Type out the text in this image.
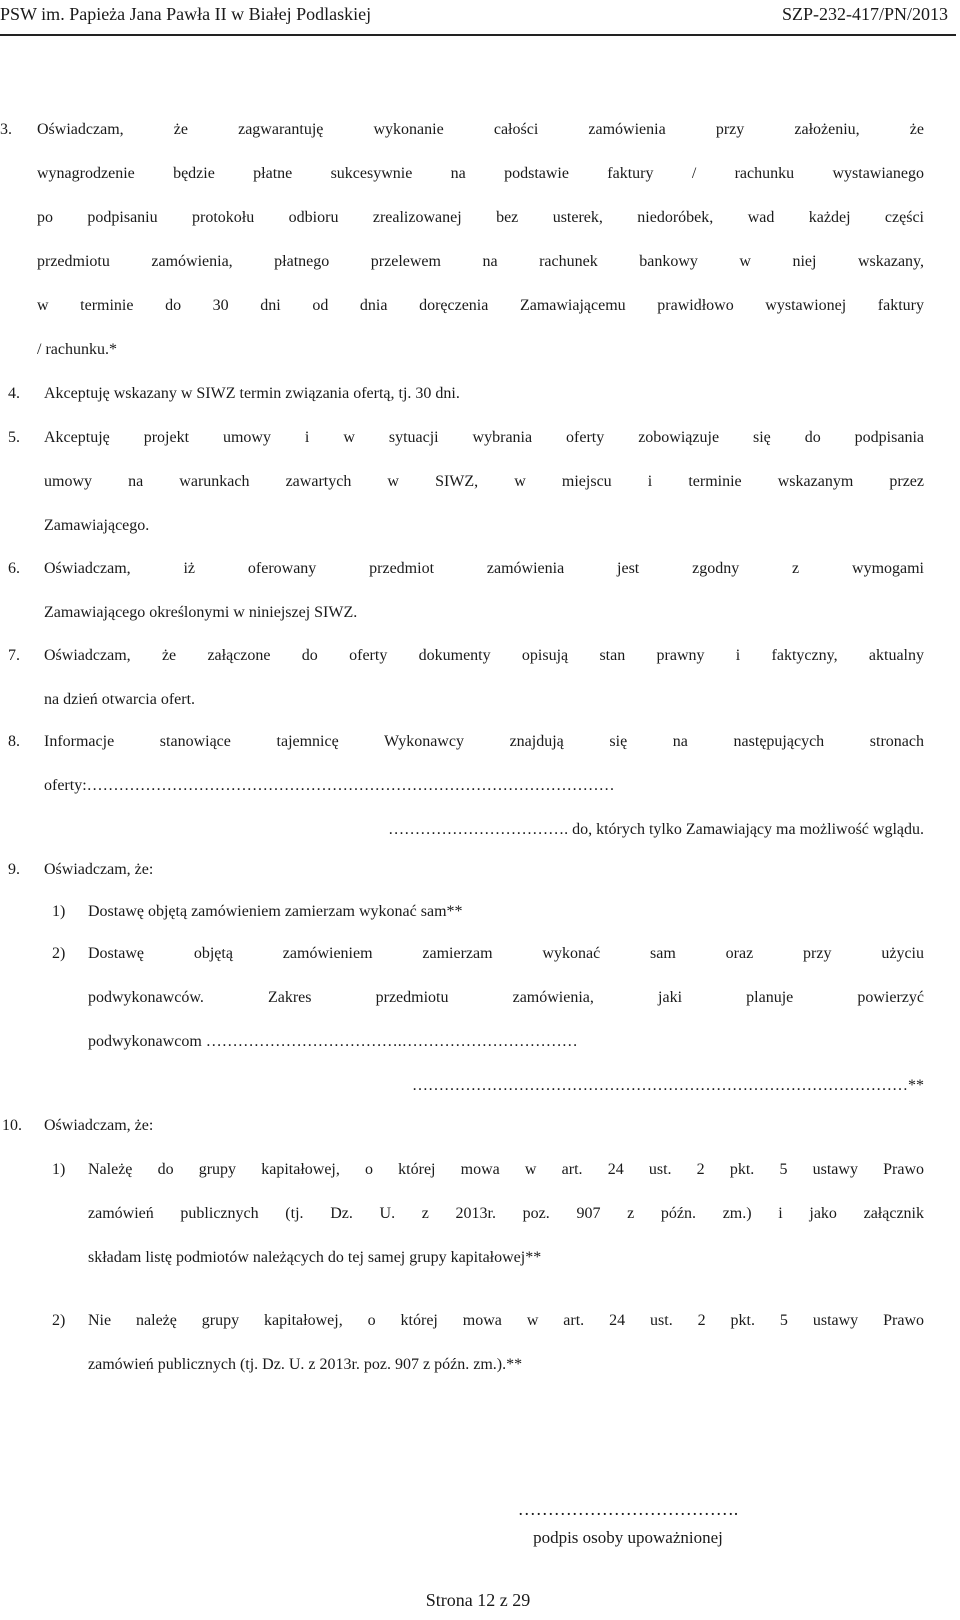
PSW im. Papieża Jana Pawła II w Białej Podlaskiej	SZP-232-417/PN/2013
3. Oświadczam, że zagwarantuję wykonanie całości zamówienia przy założeniu, że
wynagrodzenie będzie płatne sukcesywnie na podstawie faktury / rachunku wystawianego
po podpisaniu protokołu odbioru zrealizowanej bez usterek, niedoróbek, wad każdej części
przedmiotu zamówienia, płatnego przelewem na rachunek bankowy w niej wskazany,
w terminie do 30 dni od dnia doręczenia Zamawiającemu prawidłowo wystawionej faktury
/ rachunku.*
4. Akceptuję wskazany w SIWZ termin związania ofertą, tj. 30 dni.
5. Akceptuję projekt umowy i w sytuacji wybrania oferty zobowiązuje się do podpisania
umowy na warunkach zawartych w SIWZ, w miejscu i terminie wskazanym przez
Zamawiającego.
6. Oświadczam, iż oferowany przedmiot zamówienia jest zgodny z wymogami
Zamawiającego określonymi w niniejszej SIWZ.
7. Oświadczam, że załączone do oferty dokumenty opisują stan prawny i faktyczny, aktualny
na dzień otwarcia ofert.
8. Informacje stanowiące tajemnicę Wykonawcy znajdują się na następujących stronach
oferty:………………………………………………………………………………………
……………………………. do, których tylko Zamawiający ma możliwość wglądu.
9. Oświadczam, że:
1) Dostawę objętą zamówieniem zamierzam wykonać sam**
2) Dostawę objętą zamówieniem zamierzam wykonać sam oraz przy użyciu
podwykonawców. Zakres przedmiotu zamówienia, jaki planuje powierzyć
podwykonawcom ……………………………….……………………………
…………………………………………………………………………………**
10. Oświadczam, że:
1) Należę do grupy kapitałowej, o której mowa w art. 24 ust. 2 pkt. 5 ustawy Prawo
zamówień publicznych (tj. Dz. U. z 2013r. poz. 907 z późn. zm.) i jako załącznik
składam listę podmiotów należących do tej samej grupy kapitałowej**
2) Nie należę grupy kapitałowej, o której mowa w art. 24 ust. 2 pkt. 5 ustawy Prawo
zamówień publicznych (tj. Dz. U. z 2013r. poz. 907 z późn. zm.).**
……………………………….
podpis osoby upoważnionej
Strona 12 z 29
